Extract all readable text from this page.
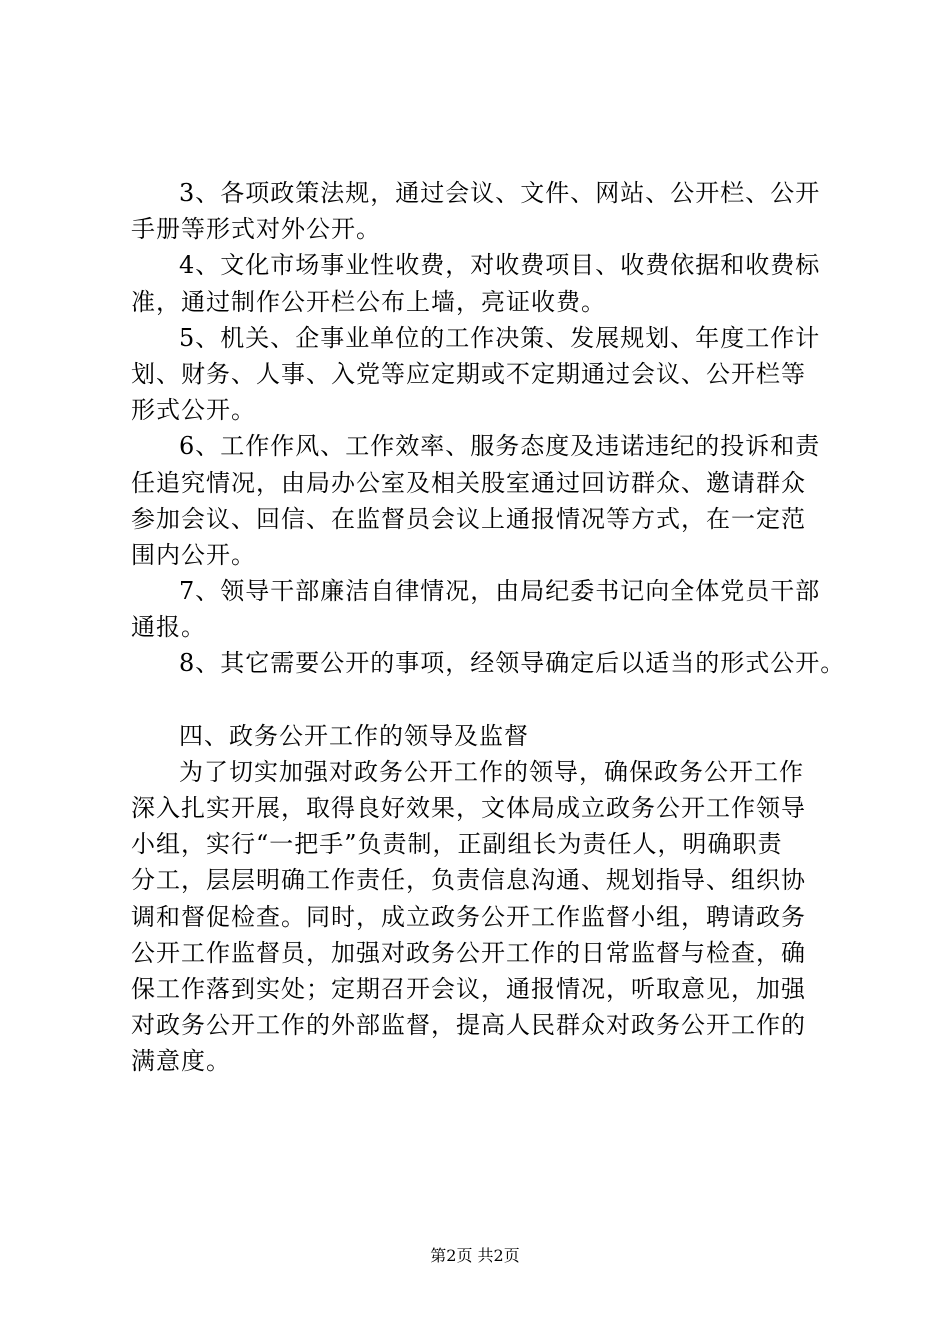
3、各项政策法规，通过会议、文件、网站、公开栏、公开
手册等形式对外公开。
4、文化市场事业性收费，对收费项目、收费依据和收费标
准，通过制作公开栏公布上墙，亮证收费。
5、机关、企事业单位的工作决策、发展规划、年度工作计
划、财务、人事、入党等应定期或不定期通过会议、公开栏等
形式公开。
6、工作作风、工作效率、服务态度及违诺违纪的投诉和责
任追究情况，由局办公室及相关股室通过回访群众、邀请群众
参加会议、回信、在监督员会议上通报情况等方式，在一定范
围内公开。
7、领导干部廉洁自律情况，由局纪委书记向全体党员干部
通报。
8、其它需要公开的事项，经领导确定后以适当的形式公开。
四、政务公开工作的领导及监督
为了切实加强对政务公开工作的领导，确保政务公开工作
深入扎实开展，取得良好效果，文体局成立政务公开工作领导
小组，实行“一把手”负责制，正副组长为责任人，明确职责
分工，层层明确工作责任，负责信息沟通、规划指导、组织协
调和督促检查。同时，成立政务公开工作监督小组，聘请政务
公开工作监督员，加强对政务公开工作的日常监督与检查，确
保工作落到实处；定期召开会议，通报情况，听取意见，加强
对政务公开工作的外部监督，提高人民群众对政务公开工作的
满意度。
第2页 共2页
